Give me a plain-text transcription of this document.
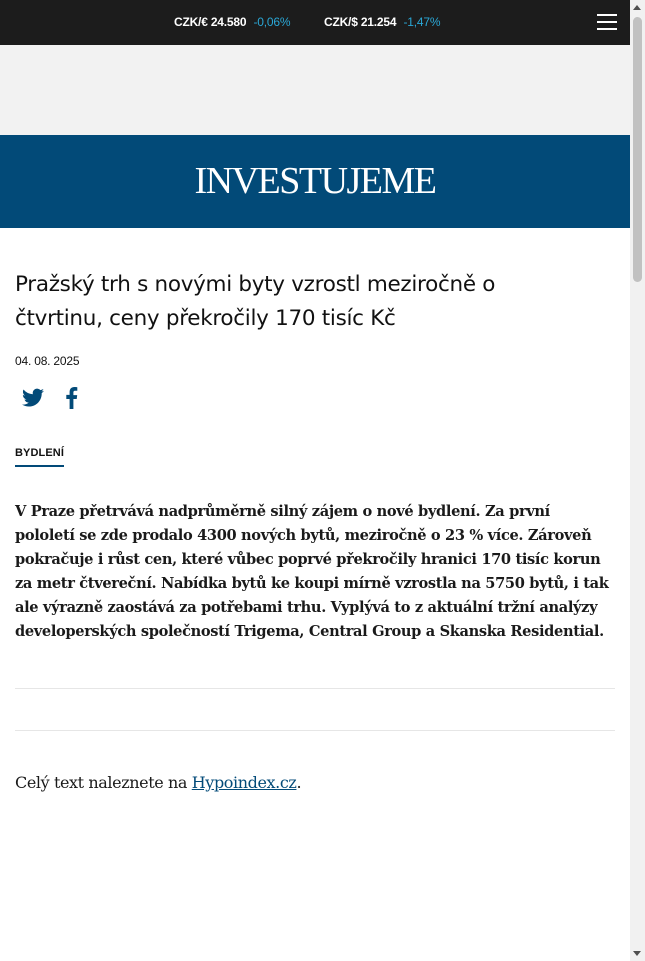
CZK/€ 24.580 -0,06%	CZK/$ 21.254 -1,47%
INVESTUJEME
Pražský trh s novými byty vzrostl meziročně o čtvrtinu, ceny překročily 170 tisíc Kč
04. 08. 2025
BYDLENÍ

V Praze přetrvává nadprůměrně silný zájem o nové bydlení. Za první pololetí se zde prodalo 4300 nových bytů, meziročně o 23 % více. Zároveň pokračuje i růst cen, které vůbec poprvé překročily hranici 170 tisíc korun za metr čtvereční. Nabídka bytů ke koupi mírně vzrostla na 5750 bytů, i tak ale výrazně zaostává za potřebami trhu. Vyplývá to z aktuální tržní analýzy developerských společností Trigema, Central Group a Skanska Residential.

Celý text naleznete na Hypoindex.cz.
